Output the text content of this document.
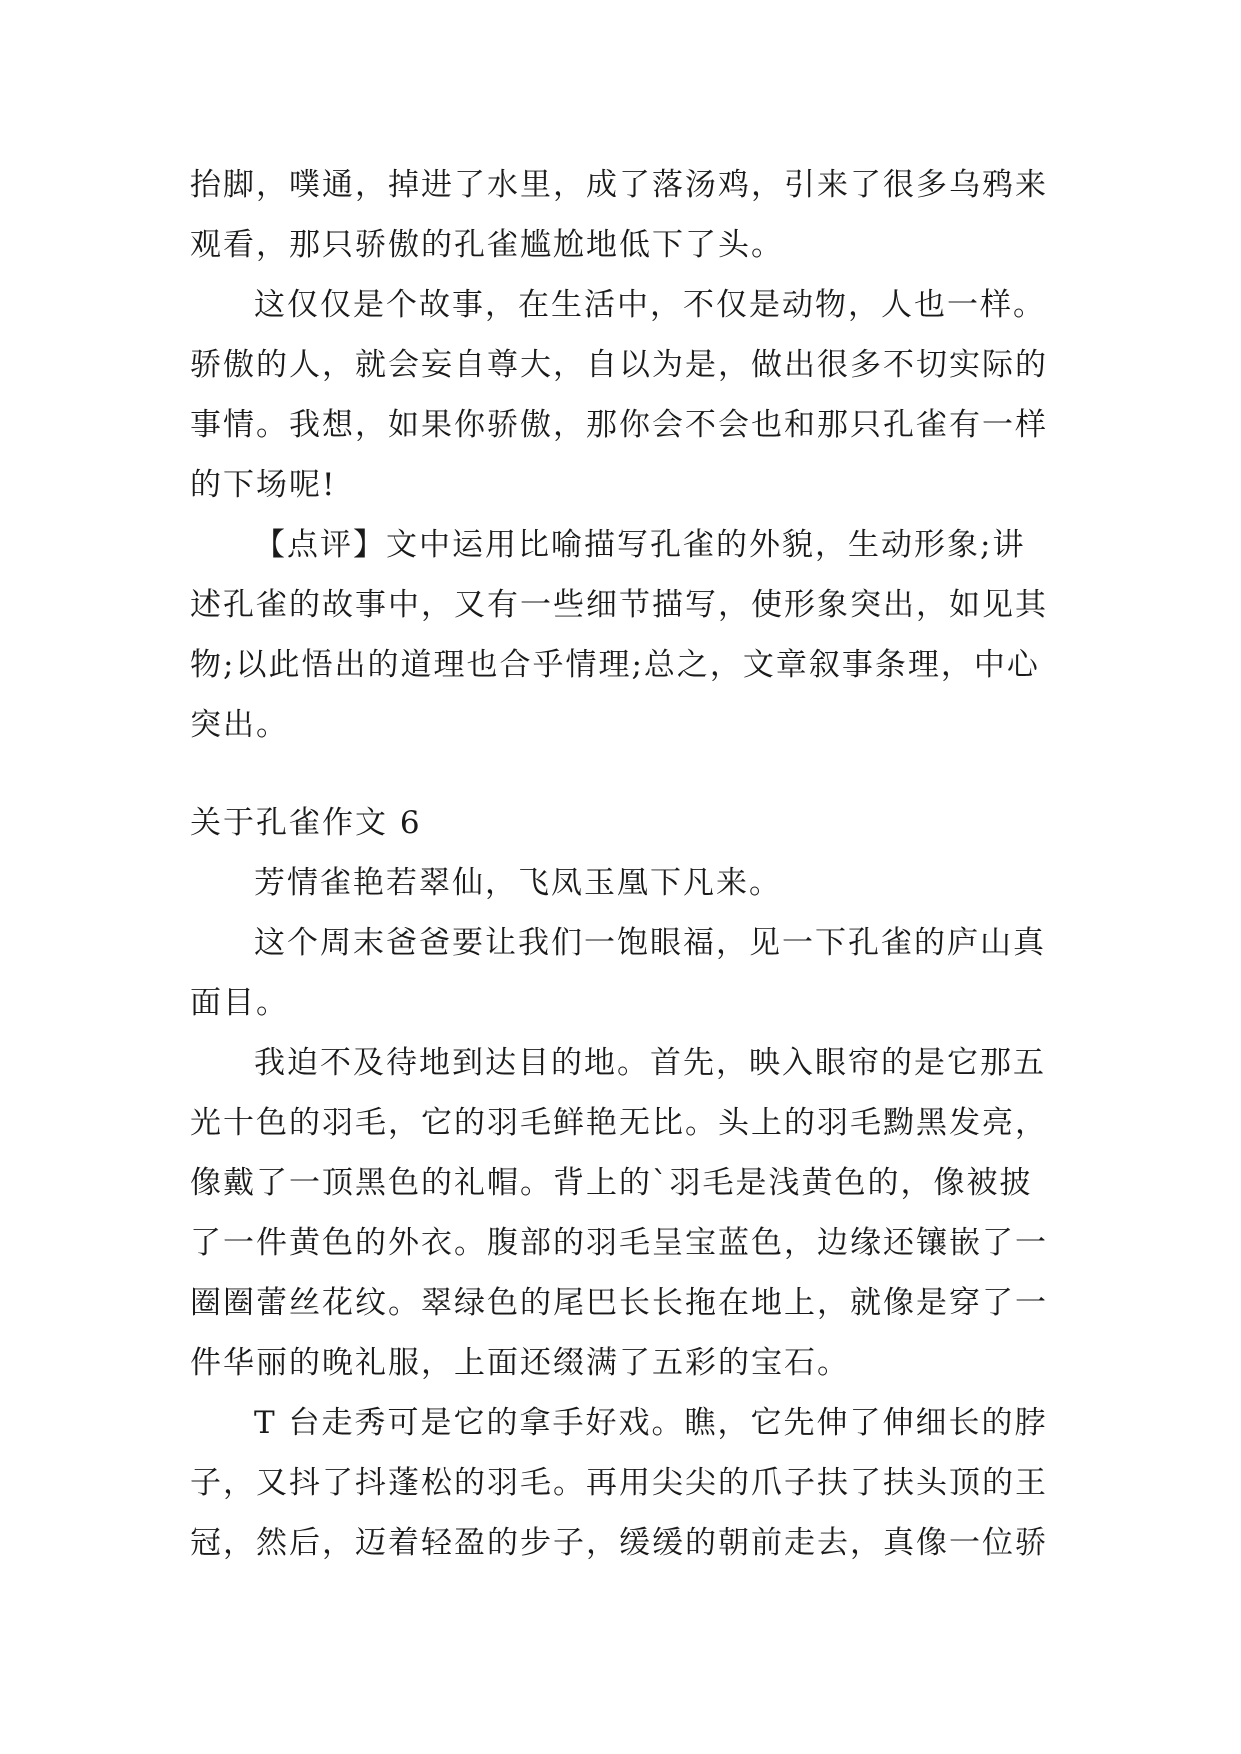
抬脚，噗通，掉进了水里，成了落汤鸡，引来了很多乌鸦来
观看，那只骄傲的孔雀尴尬地低下了头。
这仅仅是个故事，在生活中，不仅是动物，人也一样。
骄傲的人，就会妄自尊大，自以为是，做出很多不切实际的
事情。我想，如果你骄傲，那你会不会也和那只孔雀有一样
的下场呢!
【点评】文中运用比喻描写孔雀的外貌，生动形象;讲
述孔雀的故事中，又有一些细节描写，使形象突出，如见其
物;以此悟出的道理也合乎情理;总之，文章叙事条理，中心
突出。
关于孔雀作文 6
芳情雀艳若翠仙，飞凤玉凰下凡来。
这个周末爸爸要让我们一饱眼福，见一下孔雀的庐山真
面目。
我迫不及待地到达目的地。首先，映入眼帘的是它那五
光十色的羽毛，它的羽毛鲜艳无比。头上的羽毛黝黑发亮，
像戴了一顶黑色的礼帽。背上的`羽毛是浅黄色的，像被披
了一件黄色的外衣。腹部的羽毛呈宝蓝色，边缘还镶嵌了一
圈圈蕾丝花纹。翠绿色的尾巴长长拖在地上，就像是穿了一
件华丽的晚礼服，上面还缀满了五彩的宝石。
T 台走秀可是它的拿手好戏。瞧，它先伸了伸细长的脖
子，又抖了抖蓬松的羽毛。再用尖尖的爪子扶了扶头顶的王
冠，然后，迈着轻盈的步子，缓缓的朝前走去，真像一位骄
